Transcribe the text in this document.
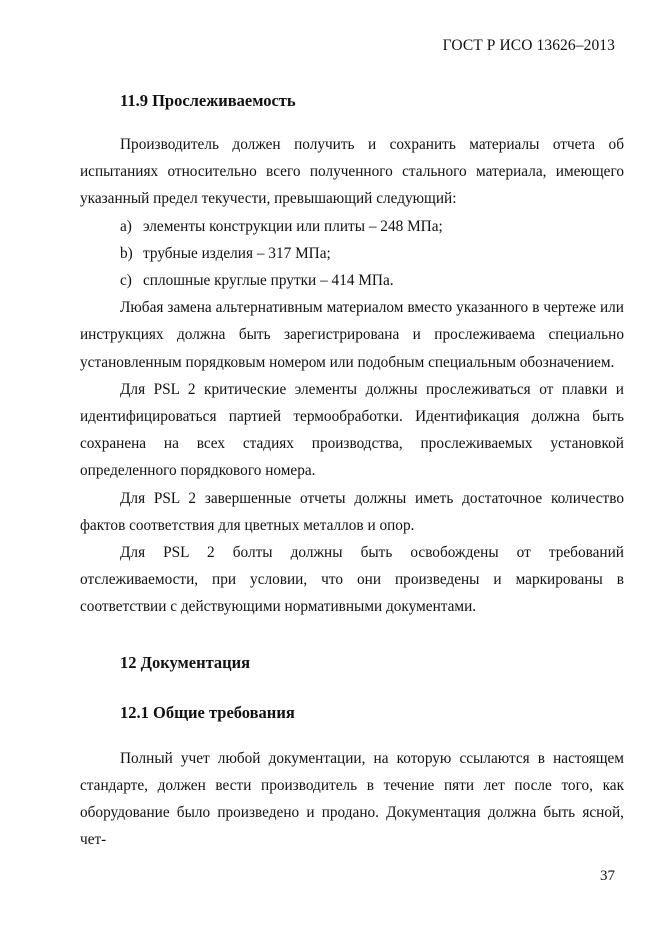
ГОСТ Р ИСО 13626–2013
11.9 Прослеживаемость

Производитель должен получить и сохранить материалы отчета об испытаниях относительно всего полученного стального материала, имеющего указанный предел текучести, превышающий следующий:

a) элементы конструкции или плиты – 248 МПа;
b) трубные изделия – 317 МПа;
c) сплошные круглые прутки – 414 МПа.

Любая замена альтернативным материалом вместо указанного в чертеже или инструкциях должна быть зарегистрирована и прослеживаема специально установленным порядковым номером или подобным специальным обозначением.

Для PSL 2 критические элементы должны прослеживаться от плавки и идентифицироваться партией термообработки. Идентификация должна быть сохранена на всех стадиях производства, прослеживаемых установкой определенного порядкового номера.

Для PSL 2 завершенные отчеты должны иметь достаточное количество фактов соответствия для цветных металлов и опор.

Для PSL 2 болты должны быть освобождены от требований отслеживаемости, при условии, что они произведены и маркированы в соответствии с действующими нормативными документами.

12 Документация
12.1 Общие требования

Полный учет любой документации, на которую ссылаются в настоящем стандарте, должен вести производитель в течение пяти лет после того, как оборудование было произведено и продано. Документация должна быть ясной, чет-

37
